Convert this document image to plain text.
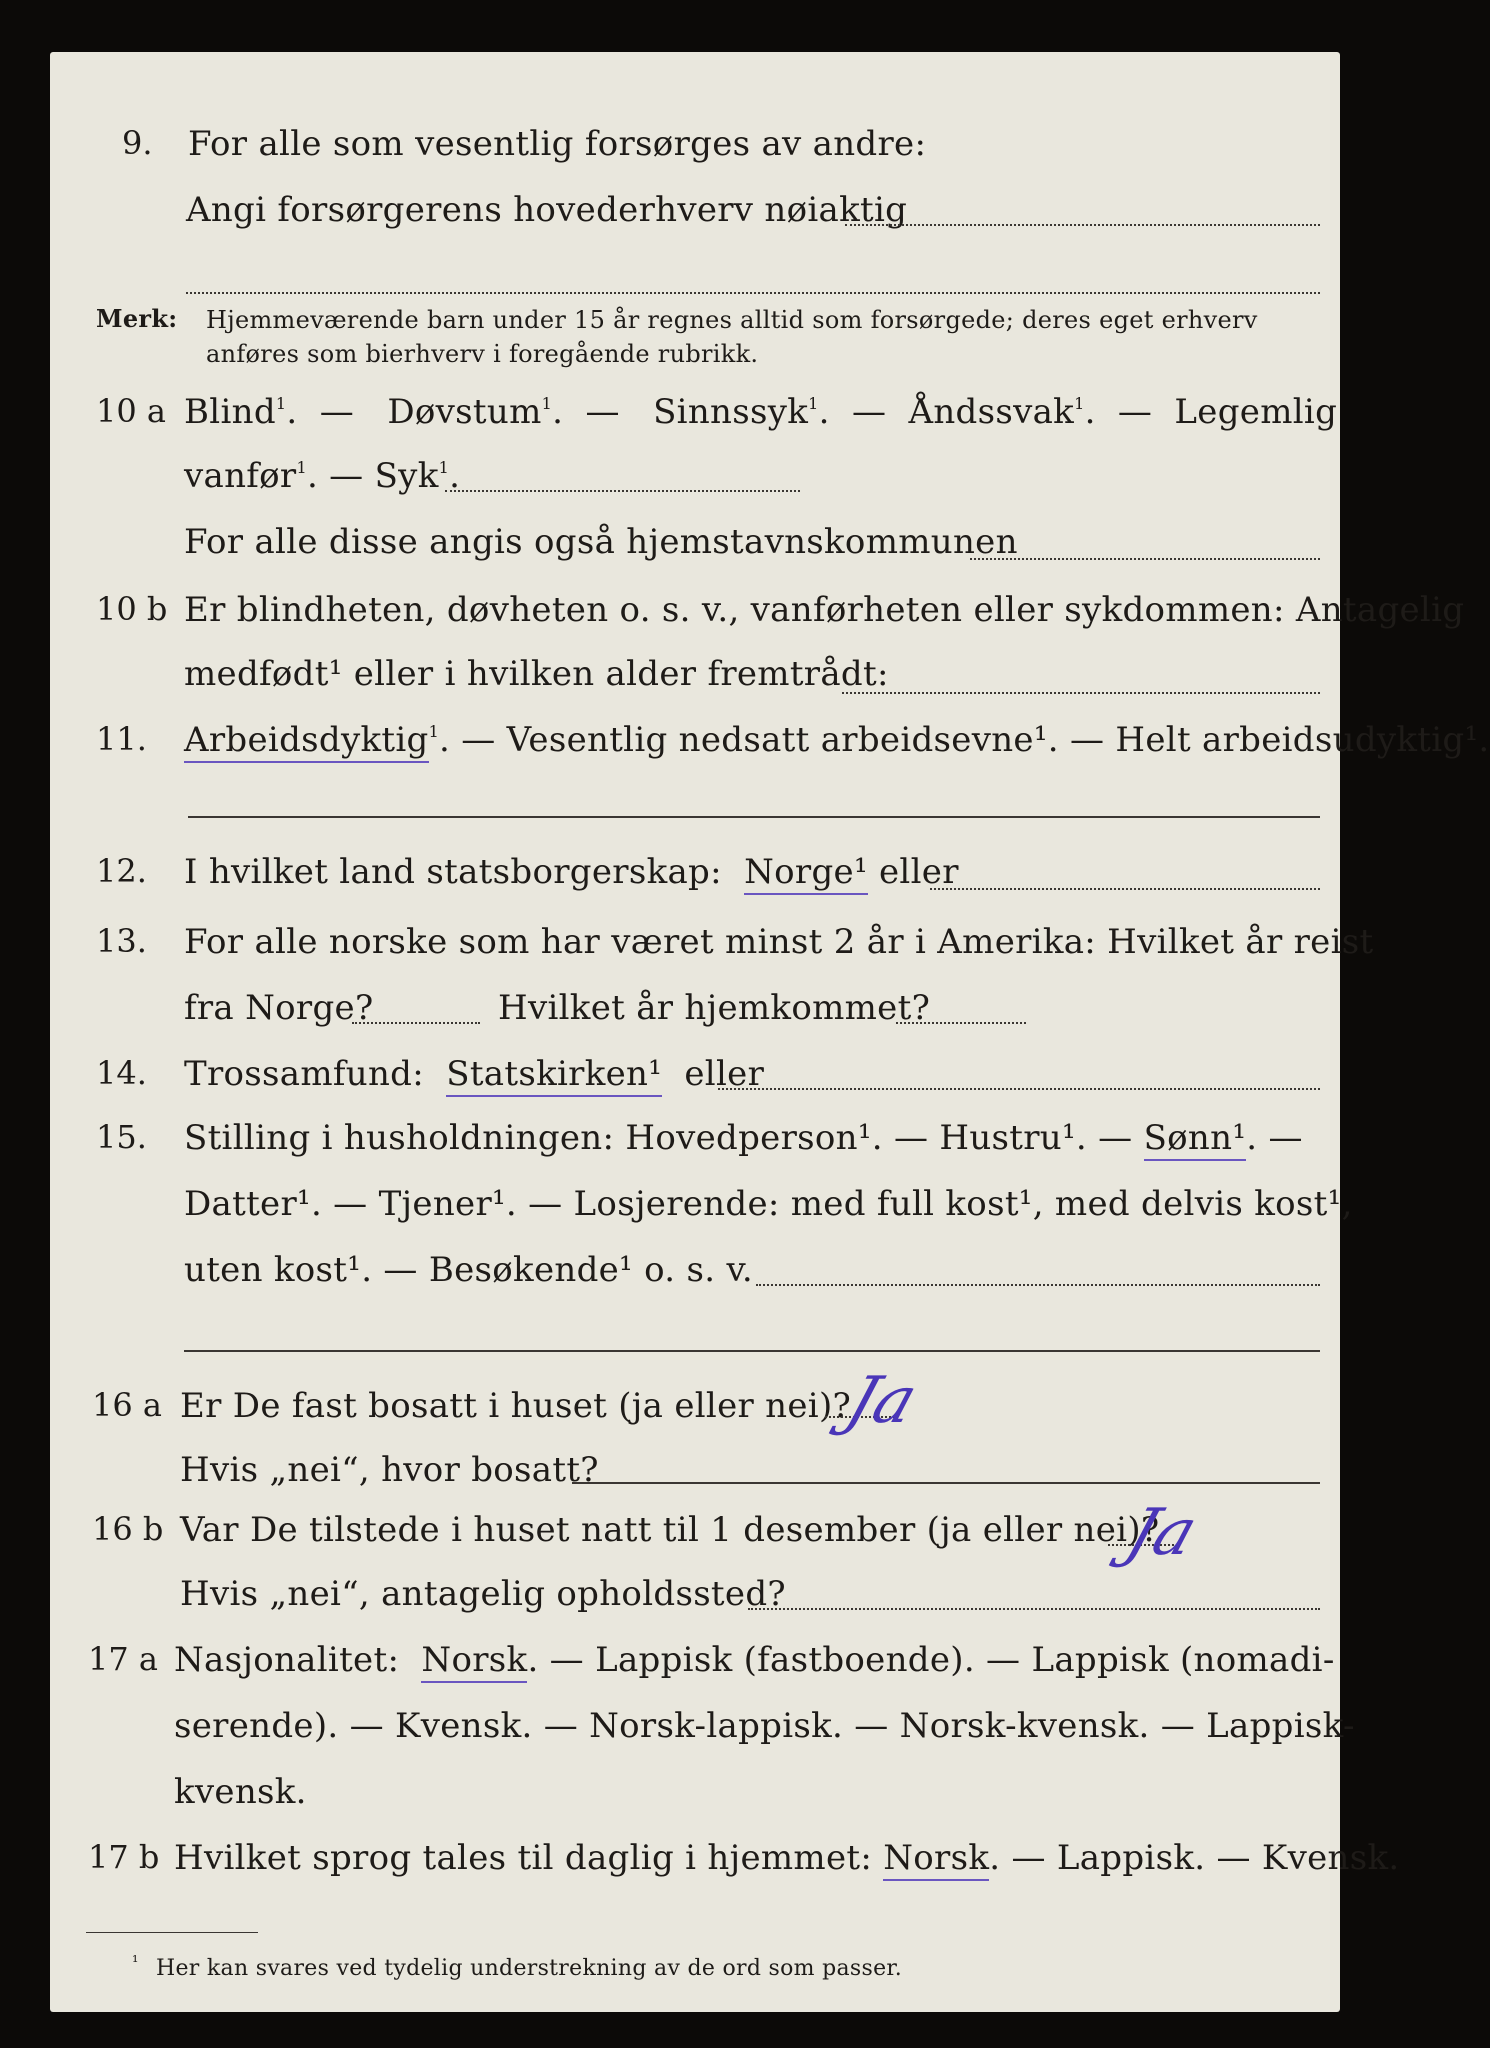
9. For alle som vesentlig forsørges av andre:
Angi forsørgerens hovederhverv nøiaktig
Merk: Hjemmeværende barn under 15 år regnes alltid som forsørgede; deres eget erhverv
anføres som bierhverv i foregående rubrikk.
10 a Blind$^1$.  —   Døvstum$^1$.  —   Sinnssyk$^1$.  —  Åndssvak$^1$.  —  Legemlig
vanfør$^1$. — Syk$^1$.
For alle disse angis også hjemstavnskommunen
10 b Er blindheten, døvheten o. s. v., vanførheten eller sykdommen: Antagelig
medfødt¹ eller i hvilken alder fremtrådt:
11. Arbeidsdyktig$^1$. — Vesentlig nedsatt arbeidsevne¹. — Helt arbeidsudyktig¹.
12. I hvilket land statsborgerskap: Norge¹ eller
13. For alle norske som har været minst 2 år i Amerika: Hvilket år reist
fra Norge?	Hvilket år hjemkommet?
14. Trossamfund: Statskirken¹ eller
15. Stilling i husholdningen: Hovedperson¹. — Hustru¹. — Sønn¹. —
Datter¹. — Tjener¹. — Losjerende: med full kost¹, med delvis kost¹,
uten kost¹. — Besøkende¹ o. s. v.
16 a Er De fast bosatt i huset (ja eller nei)?
Ja
Hvis „nei“, hvor bosatt?
16 b Var De tilstede i huset natt til 1 desember (ja eller nei)?
Ja
Hvis „nei“, antagelig opholdssted?
17 a Nasjonalitet: Norsk. — Lappisk (fastboende). — Lappisk (nomadi-
serende). — Kvensk. — Norsk-lappisk. — Norsk-kvensk. — Lappisk-
kvensk.
17 b Hvilket sprog tales til daglig i hjemmet: Norsk. — Lappisk. — Kvensk.
¹ Her kan svares ved tydelig understrekning av de ord som passer.
